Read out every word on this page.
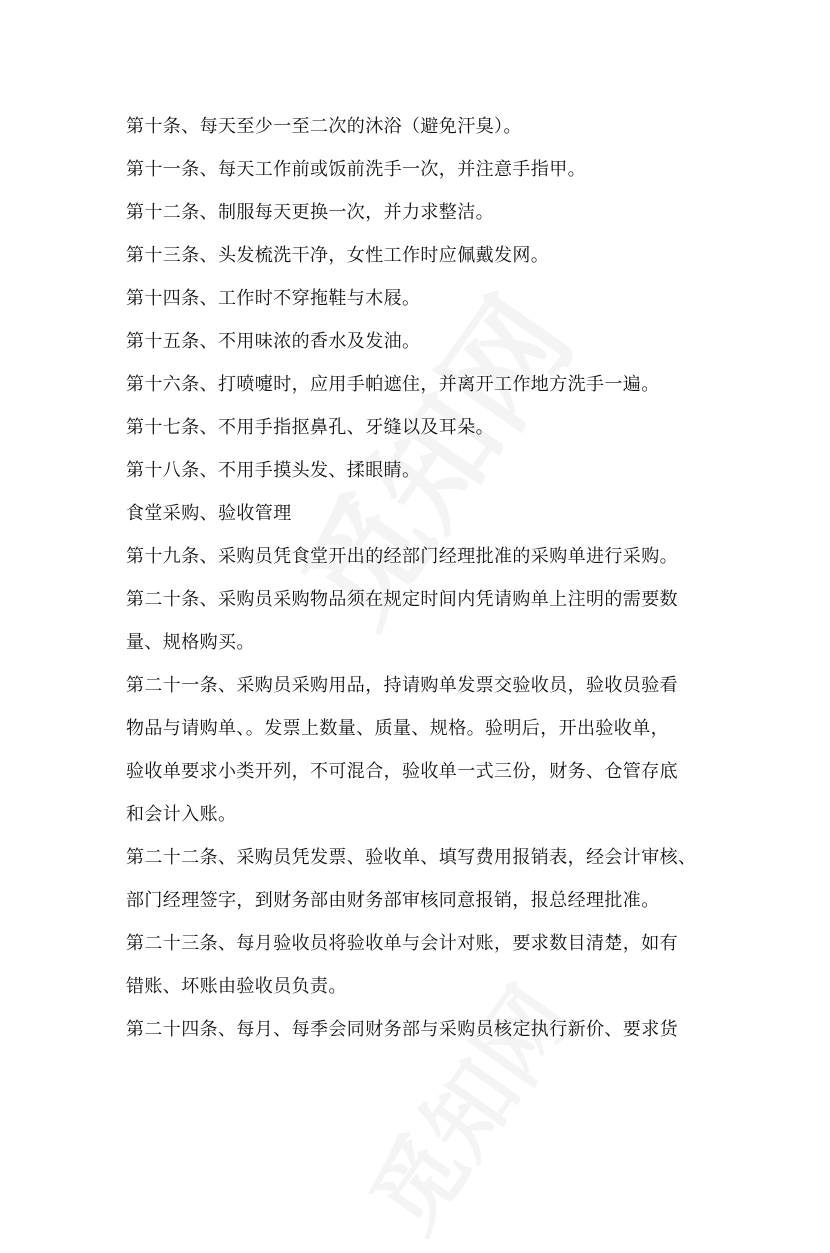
第十条、每天至少一至二次的沐浴（避免汗臭）。
第十一条、每天工作前或饭前洗手一次，并注意手指甲。
第十二条、制服每天更换一次，并力求整洁。
第十三条、头发梳洗干净，女性工作时应佩戴发网。
第十四条、工作时不穿拖鞋与木屐。
第十五条、不用味浓的香水及发油。
第十六条、打喷嚏时，应用手帕遮住，并离开工作地方洗手一遍。
第十七条、不用手指抠鼻孔、牙缝以及耳朵。
第十八条、不用手摸头发、揉眼睛。
食堂采购、验收管理
第十九条、采购员凭食堂开出的经部门经理批准的采购单进行采购。
第二十条、采购员采购物品须在规定时间内凭请购单上注明的需要数
量、规格购买。
第二十一条、采购员采购用品，持请购单发票交验收员，验收员验看
物品与请购单、。发票上数量、质量、规格。验明后，开出验收单，
验收单要求小类开列，不可混合，验收单一式三份，财务、仓管存底
和会计入账。
第二十二条、采购员凭发票、验收单、填写费用报销表，经会计审核、
部门经理签字，到财务部由财务部审核同意报销，报总经理批准。
第二十三条、每月验收员将验收单与会计对账，要求数目清楚，如有
错账、坏账由验收员负责。
第二十四条、每月、每季会同财务部与采购员核定执行新价、要求货
